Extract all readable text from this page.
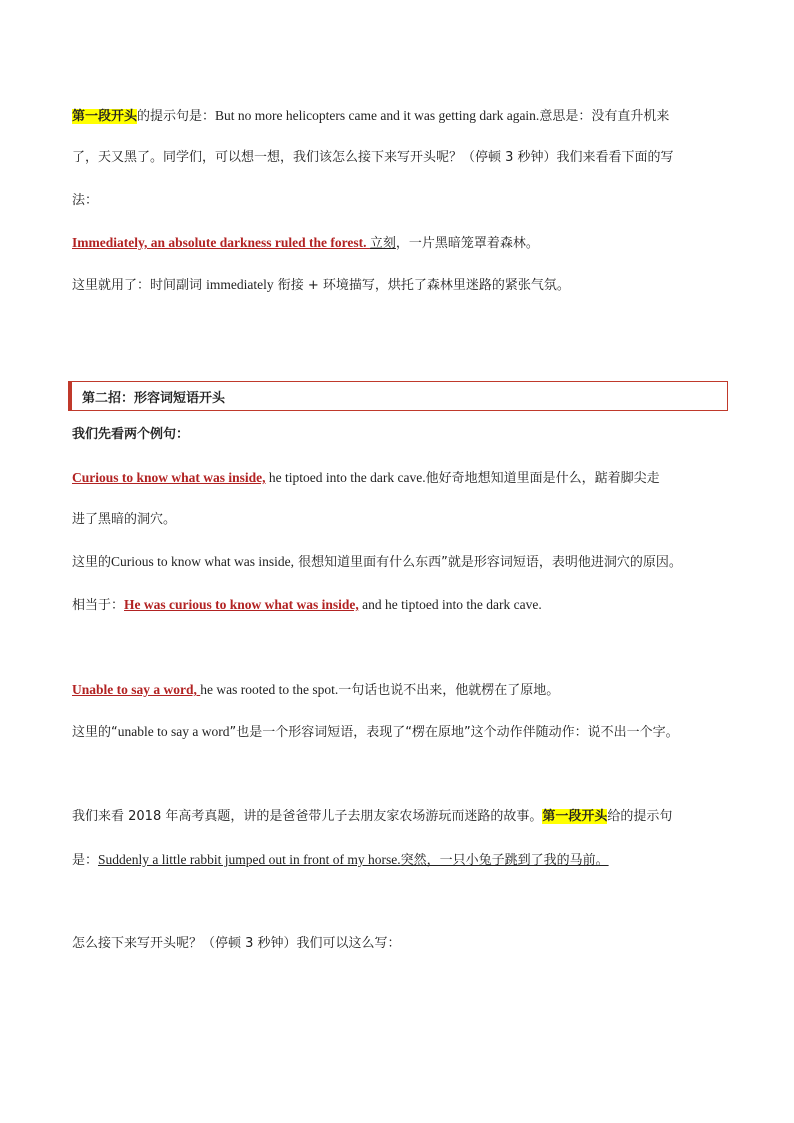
第一段开头的提示句是：But no more helicopters came and it was getting dark again.意思是：没有直升机来
了，天又黑了。同学们，可以想一想，我们该怎么接下来写开头呢？（停顿 3 秒钟）我们来看看下面的写
法：
Immediately, an absolute darkness ruled the forest. 立刻，一片黑暗笼罩着森林。
这里就用了：时间副词 immediately 衔接 + 环境描写，烘托了森林里迷路的紧张气氛。
第二招：形容词短语开头
我们先看两个例句：
Curious to know what was inside, he tiptoed into the dark cave.他好奇地想知道里面是什么，踮着脚尖走
进了黑暗的洞穴。
这里的Curious to know what was inside, 很想知道里面有什么东西”就是形容词短语，表明他进洞穴的原因。
相当于：He was curious to know what was inside, and he tiptoed into the dark cave.
Unable to say a word, he was rooted to the spot.一句话也说不出来，他就楞在了原地。
这里的“unable to say a word”也是一个形容词短语，表现了“楞在原地”这个动作伴随动作：说不出一个字。
我们来看 2018 年高考真题，讲的是爸爸带儿子去朋友家农场游玩而迷路的故事。第一段开头给的提示句
是：Suddenly a little rabbit jumped out in front of my horse.突然，一只小兔子跳到了我的马前。
怎么接下来写开头呢？（停顿 3 秒钟）我们可以这么写：
